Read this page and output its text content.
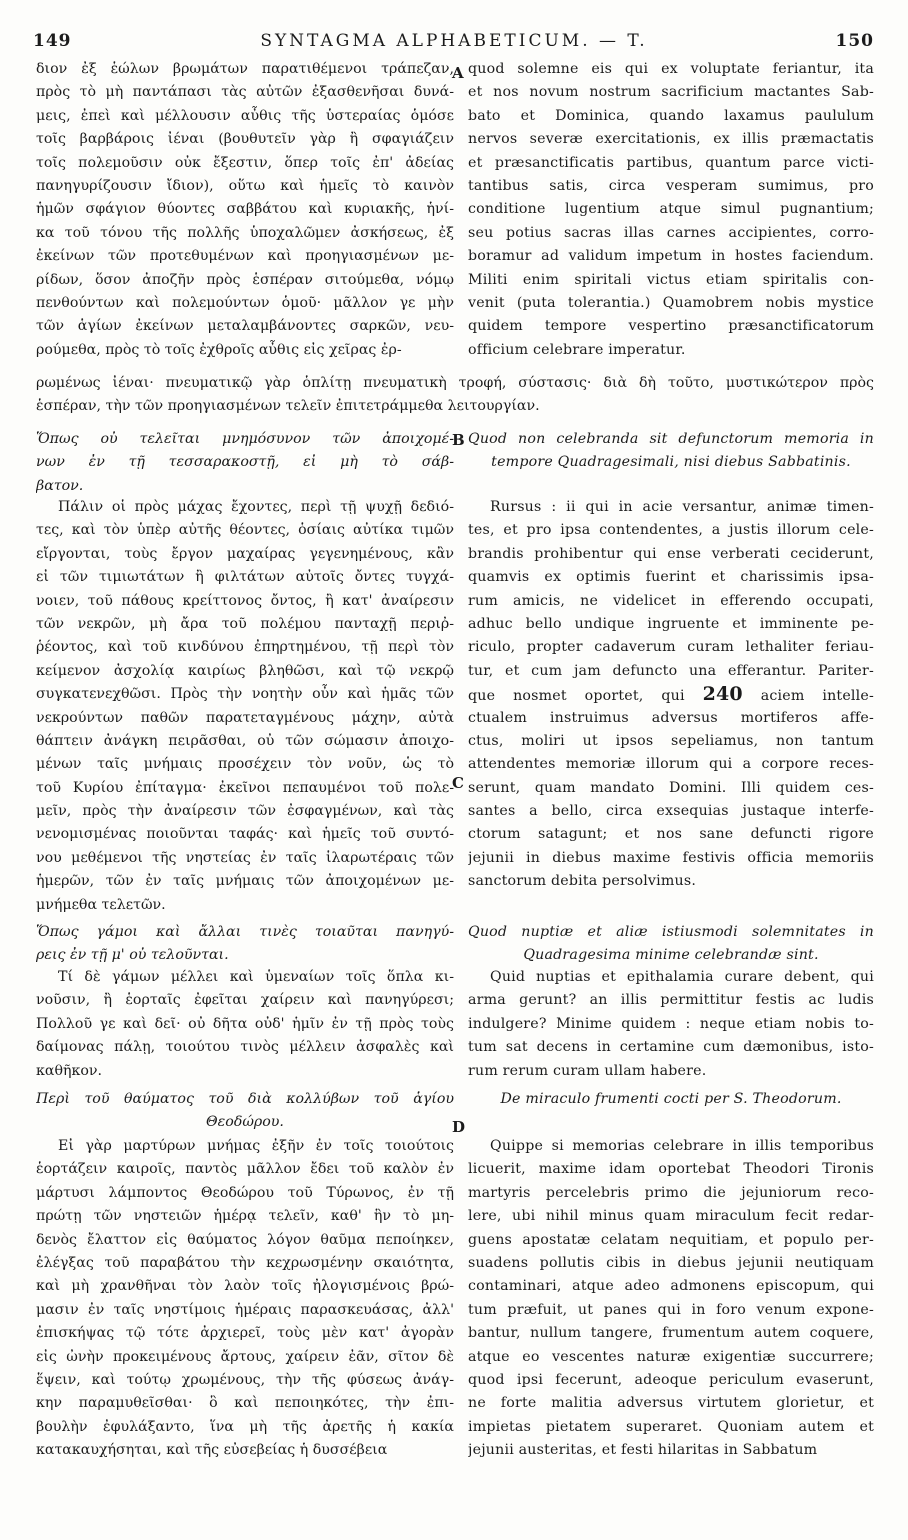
149	SYNTAGMA ALPHABETICUM. — T.	150
A
B
C
D
διον ἐξ ἑώλων βρωμάτων παρατιθέμενοι τράπεζαν,
πρὸς τὸ μὴ παντάπασι τὰς αὐτῶν ἐξασθενῆσαι δυνά-
μεις, ἐπεὶ καὶ μέλλουσιν αὖθις τῆς ὑστεραίας ὁμόσε
τοῖς βαρβάροις ἰέναι (βουθυτεῖν γὰρ ἢ σφαγιάζειν
τοῖς πολεμοῦσιν οὐκ ἔξεστιν, ὅπερ τοῖς ἐπ' ἀδείας
πανηγυρίζουσιν ἴδιον), οὕτω καὶ ἡμεῖς τὸ καινὸν
ἡμῶν σφάγιον θύοντες σαββάτου καὶ κυριακῆς, ἡνί-
κα τοῦ τόνου τῆς πολλῆς ὑποχαλῶμεν ἀσκήσεως, ἐξ
ἐκείνων τῶν προτεθυμένων καὶ προηγιασμένων με-
ρίδων, ὅσον ἀποζῆν πρὸς ἑσπέραν σιτούμεθα, νόμῳ
πενθούντων καὶ πολεμούντων ὁμοῦ· μᾶλλον γε μὴν
τῶν ἁγίων ἐκείνων μεταλαμβάνοντες σαρκῶν, νευ-
ρούμεθα, πρὸς τὸ τοῖς ἐχθροῖς αὖθις εἰς χεῖρας ἐρ-
quod solemne eis qui ex voluptate feriantur, ita
et nos novum nostrum sacrificium mactantes Sab-
bato et Dominica, quando laxamus paululum
nervos severæ exercitationis, ex illis præmactatis
et præsanctificatis partibus, quantum parce victi-
tantibus satis, circa vesperam sumimus, pro
conditione lugentium atque simul pugnantium;
seu potius sacras illas carnes accipientes, corro-
boramur ad validum impetum in hostes faciendum.
Militi enim spiritali victus etiam spiritalis con-
venit (puta tolerantia.) Quamobrem nobis mystice
quidem tempore vespertino præsanctificatorum
officium celebrare imperatur.
ρωμένως ἰέναι· πνευματικῷ γὰρ ὁπλίτῃ πνευματικὴ τροφή, σύστασις· διὰ δὴ τοῦτο, μυστικώτερον πρὸς
ἑσπέραν, τὴν τῶν προηγιασμένων τελεῖν ἐπιτετράμμεθα λειτουργίαν.
Ὅπως οὐ τελεῖται μνημόσυνον τῶν ἀποιχομέ-
νων ἐν τῇ τεσσαρακοστῇ, εἰ μὴ τὸ σάβ-
βατον.
Quod non celebranda sit defunctorum memoria in
tempore Quadragesimali, nisi diebus Sabbatinis.
Πάλιν οἱ πρὸς μάχας ἔχοντες, περὶ τῇ ψυχῇ δεδιό-
τες, καὶ τὸν ὑπὲρ αὐτῆς θέοντες, ὁσίαις αὐτίκα τιμῶν
εἴργονται, τοὺς ἔργον μαχαίρας γεγενημένους, κἂν
εἰ τῶν τιμιωτάτων ἢ φιλτάτων αὐτοῖς ὄντες τυγχά-
νοιεν, τοῦ πάθους κρείττονος ὄντος, ἢ κατ' ἀναίρεσιν
τῶν νεκρῶν, μὴ ἄρα τοῦ πολέμου πανταχῇ περιῤ-
ῥέοντος, καὶ τοῦ κινδύνου ἐπηρτημένου, τῇ περὶ τὸν
κείμενον ἀσχολίᾳ καιρίως βληθῶσι, καὶ τῷ νεκρῷ
συγκατενεχθῶσι. Πρὸς τὴν νοητὴν οὖν καὶ ἡμᾶς τῶν
νεκρούντων παθῶν παρατεταγμένους μάχην, αὐτὰ
θάπτειν ἀνάγκη πειρᾶσθαι, οὐ τῶν σώμασιν ἀποιχο-
μένων ταῖς μνήμαις προσέχειν τὸν νοῦν, ὡς τὸ
τοῦ Κυρίου ἐπίταγμα· ἐκεῖνοι πεπαυμένοι τοῦ πολε-
μεῖν, πρὸς τὴν ἀναίρεσιν τῶν ἐσφαγμένων, καὶ τὰς
νενομισμένας ποιοῦνται ταφάς· καὶ ἡμεῖς τοῦ συντό-
νου μεθέμενοι τῆς νηστείας ἐν ταῖς ἱλαρωτέραις τῶν
ἡμερῶν, τῶν ἐν ταῖς μνήμαις τῶν ἀποιχομένων με-
μνήμεθα τελετῶν.
Rursus : ii qui in acie versantur, animæ timen-
tes, et pro ipsa contendentes, a justis illorum cele-
brandis prohibentur qui ense verberati ceciderunt,
quamvis ex optimis fuerint et charissimis ipsa-
rum amicis, ne videlicet in efferendo occupati,
adhuc bello undique ingruente et imminente pe-
riculo, propter cadaverum curam lethaliter feriau-
tur, et cum jam defuncto una efferantur. Pariter-
que nosmet oportet, qui 240 aciem intelle-
ctualem instruimus adversus mortiferos affe-
ctus, moliri ut ipsos sepeliamus, non tantum
attendentes memoriæ illorum qui a corpore reces-
serunt, quam mandato Domini. Illi quidem ces-
santes a bello, circa exsequias justaque interfe-
ctorum satagunt; et nos sane defuncti rigore
jejunii in diebus maxime festivis officia memoriis
sanctorum debita persolvimus.
Ὅπως γάμοι καὶ ἄλλαι τινὲς τοιαῦται πανηγύ-
ρεις ἐν τῇ μ' οὐ τελοῦνται.
Quod nuptiæ et aliæ istiusmodi solemnitates in
Quadragesima minime celebrandæ sint.
Τί δὲ γάμων μέλλει καὶ ὑμεναίων τοῖς ὅπλα κι-
νοῦσιν, ἢ ἑορταῖς ἐφεῖται χαίρειν καὶ πανηγύρεσι;
Πολλοῦ γε καὶ δεῖ· οὐ δῆτα οὐδ' ἡμῖν ἐν τῇ πρὸς τοὺς
δαίμονας πάλῃ, τοιούτου τινὸς μέλλειν ἀσφαλὲς καὶ
καθῆκον.
Quid nuptias et epithalamia curare debent, qui
arma gerunt? an illis permittitur festis ac ludis
indulgere? Minime quidem : neque etiam nobis to-
tum sat decens in certamine cum dæmonibus, isto-
rum rerum curam ullam habere.
Περὶ τοῦ θαύματος τοῦ διὰ κολλύβων τοῦ ἁγίου
Θεοδώρου.
De miraculo frumenti cocti per S. Theodorum.
Εἰ γὰρ μαρτύρων μνήμας ἐξῆν ἐν τοῖς τοιούτοις
ἑορτάζειν καιροῖς, παντὸς μᾶλλον ἔδει τοῦ καλὸν ἐν
μάρτυσι λάμποντος Θεοδώρου τοῦ Τύρωνος, ἐν τῇ
πρώτῃ τῶν νηστειῶν ἡμέρᾳ τελεῖν, καθ' ἣν τὸ μη-
δενὸς ἔλαττον εἰς θαύματος λόγον θαῦμα πεποίηκεν,
ἐλέγξας τοῦ παραβάτου τὴν κεχρωσμένην σκαιότητα,
καὶ μὴ χρανθῆναι τὸν λαὸν τοῖς ἠλογισμένοις βρώ-
μασιν ἐν ταῖς νηστίμοις ἡμέραις παρασκευάσας, ἀλλ'
ἐπισκήψας τῷ τότε ἀρχιερεῖ, τοὺς μὲν κατ' ἀγορὰν
εἰς ὠνὴν προκειμένους ἄρτους, χαίρειν ἐᾶν, σῖτον δὲ
ἕψειν, καὶ τούτῳ χρωμένους, τὴν τῆς φύσεως ἀνάγ-
κην παραμυθεῖσθαι· ὃ καὶ πεποιηκότες, τὴν ἐπι-
βουλὴν ἐφυλάξαντο, ἵνα μὴ τῆς ἀρετῆς ἡ κακία
κατακαυχήσηται, καὶ τῆς εὐσεβείας ἡ δυσσέβεια
Quippe si memorias celebrare in illis temporibus
licuerit, maxime idam oportebat Theodori Tironis
martyris percelebris primo die jejuniorum reco-
lere, ubi nihil minus quam miraculum fecit redar-
guens apostatæ celatam nequitiam, et populo per-
suadens pollutis cibis in diebus jejunii neutiquam
contaminari, atque adeo admonens episcopum, qui
tum præfuit, ut panes qui in foro venum expone-
bantur, nullum tangere, frumentum autem coquere,
atque eo vescentes naturæ exigentiæ succurrere;
quod ipsi fecerunt, adeoque periculum evaserunt,
ne forte malitia adversus virtutem glorietur, et
impietas pietatem superaret. Quoniam autem et
jejunii austeritas, et festi hilaritas in Sabbatum
